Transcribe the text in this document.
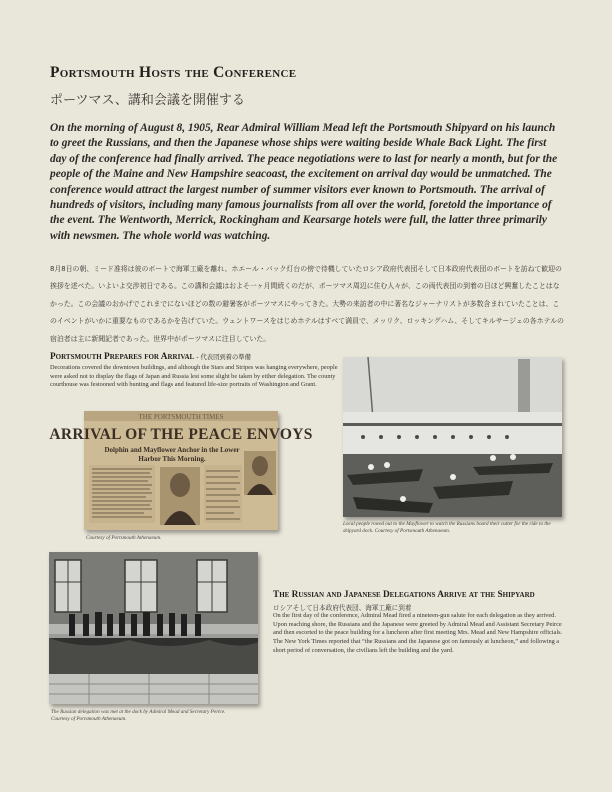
Portsmouth Hosts the Conference
ポーツマス、講和会議を開催する
On the morning of August 8, 1905, Rear Admiral William Mead left the Portsmouth Shipyard on his launch to greet the Russians, and then the Japanese whose ships were waiting beside Whale Back Light. The first day of the conference had finally arrived. The peace negotiations were to last for nearly a month, but for the people of the Maine and New Hampshire seacoast, the excitement on arrival day would be unmatched. The conference would attract the largest number of summer visitors ever known to Portsmouth. The arrival of hundreds of visitors, including many famous journalists from all over the world, foretold the importance of the event. The Wentworth, Merrick, Rockingham and Kearsarge hotels were full, the latter three primarily with newsmen. The whole world was watching.
8月8日の朝、ミード准将は彼のボートで海軍工廠を離れ、ホエール・バック灯台の傍で待機していたロシア政府代表団そして日本政府代表団のボートを訪ねて歓迎の挨拶を述べた。いよいよ交渉初日である。この講和会議はおよそ一ヶ月間続くのだが、ポーツマス周辺に住む人々が、この両代表団の到着の日ほど興奮したことはなかった。この会議のおかげでこれまでにないほどの数の避暑客がポーツマスにやってきた。大勢の来訪者の中に著名なジャーナリストが多数含まれていたことは、このイベントがいかに重要なものであるかを告げていた。ウェントワースをはじめホテルはすべて満員で、メッリク、ロッキングハム、そしてキルサージェの各ホテルの宿泊者は主に新聞記者であった。世界中がポーツマスに注目していた。
Portsmouth Prepares for Arrival - 代表団到着の準備
Decorations covered the downtown buildings, and although the Stars and Stripes was hanging everywhere, people were asked not to display the flags of Japan and Russia lest some slight be taken by either delegation. The county courthouse was festooned with bunting and flags and featured life-size portraits of Washington and Grant.
THE PORTSMOUTH TIMES
ARRIVAL OF THE PEACE ENVOYS
Dolphin and Mayflower Anchor in the Lower
Harbor This Morning.
Courtesy of Portsmouth Athenaeum.
Local people rowed out to the Mayflower to watch the Russians board their cutter for the ride to the shipyard dock. Courtesy of Portsmouth Athenaeum.
The Russian delegation was met at the dock by Admiral Mead and Secretary Peirce.
Courtesy of Portsmouth Athenaeum.
The Russian and Japanese Delegations Arrive at the Shipyard
ロシアそして日本政府代表団、海軍工廠に到着
On the first day of the conference, Admiral Mead fired a nineteen-gun salute for each delegation as they arrived. Upon reaching shore, the Russians and the Japanese were greeted by Admiral Mead and Assistant Secretary Peirce and then escorted to the peace building for a luncheon after first meeting Mrs. Mead and New Hampshire officials. The New York Times reported that “the Russians and the Japanese got on famously at luncheon,” and following a short period of conversation, the civilians left the building and the yard.
